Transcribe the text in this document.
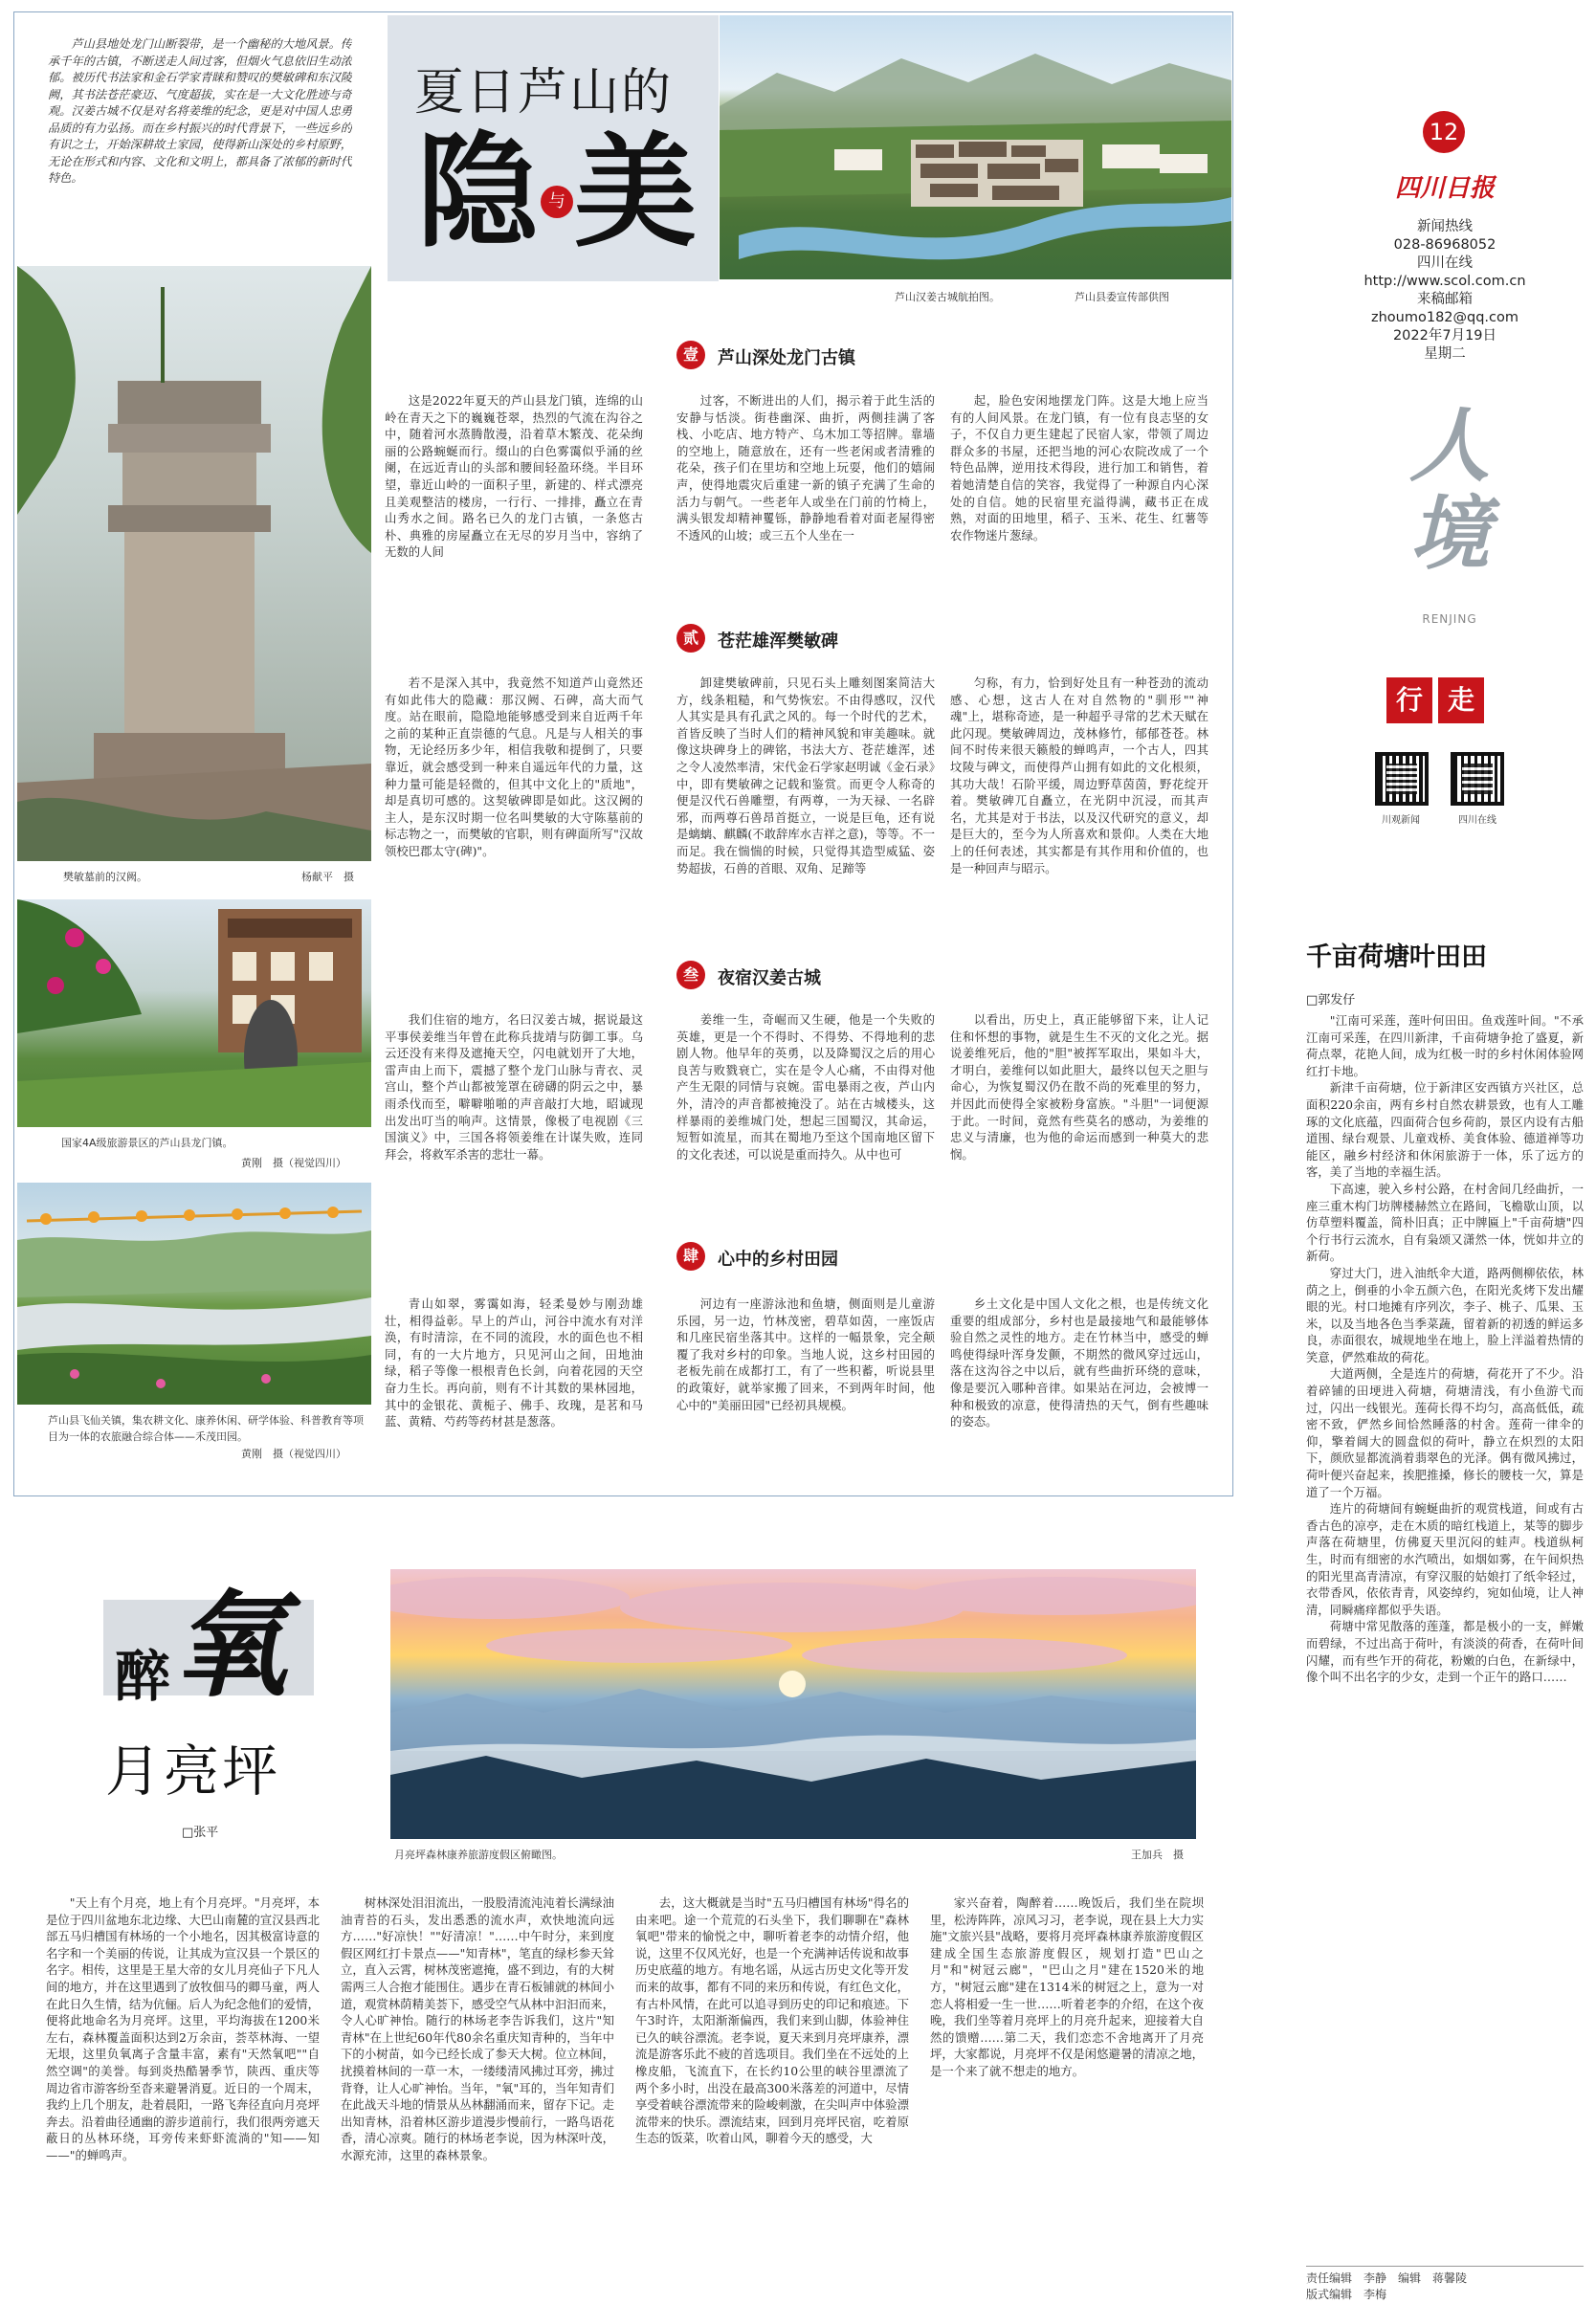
芦山县地处龙门山断裂带，是一个幽秘的大地风景。传承千年的古镇，不断送走人间过客，但烟火气息依旧生动浓郁。被历代书法家和金石学家青睐和赞叹的樊敏碑和东汉陵阙，其书法苍茫豪迈、气度超拔，实在是一大文化胜迹与奇观。汉姜古城不仅是对名将姜维的纪念，更是对中国人忠勇品质的有力弘扬。而在乡村振兴的时代背景下，一些远乡的有识之士，开始深耕故土家园，使得新山深处的乡村原野，无论在形式和内容、文化和文明上，都具备了浓郁的新时代特色。

夏日芦山的
隐 与 美
芦山汉姜古城航拍图。	芦山县委宣传部供图
樊敏墓前的汉阙。	杨献平　摄
国家4A级旅游景区的芦山县龙门镇。
黄刚　摄（视觉四川）
芦山县飞仙关镇，集农耕文化、康养休闲、研学体验、科普教育等项目为一体的农旅融合综合体——禾茂田园。
黄刚　摄（视觉四川）
壹	芦山深处龙门古镇

这是2022年夏天的芦山县龙门镇，连绵的山岭在青天之下的巍巍苍翠，热烈的气流在沟谷之中，随着河水蒸腾散漫，沿着草木繁茂、花朵绚丽的公路蜿蜒而行。缀山的白色雾霭似乎涌的丝阑，在远近青山的头部和腰间轻盈环绕。半目环望，靠近山岭的一面积子里，新建的、样式漂亮且美观整洁的楼房，一行行、一排排，矗立在青山秀水之间。路名已久的龙门古镇，一条悠古朴、典雅的房屋矗立在无尽的岁月当中，容纳了无数的人间

过客，不断进出的人们，揭示着于此生活的安静与恬淡。街巷幽深、曲折，两侧挂满了客栈、小吃店、地方特产、乌木加工等招牌。靠墙的空地上，随意放在，还有一些老闲或者清雅的花朵，孩子们在里坊和空地上玩耍，他们的嬉闹声，使得地震灾后重建一新的镇子充满了生命的活力与朝气。一些老年人或坐在门前的竹椅上，满头银发却精神矍铄，静静地看着对面老屋得密不透风的山坡；或三五个人坐在一

起，脸色安闲地摆龙门阵。这是大地上应当有的人间风景。在龙门镇，有一位有良志坚的女子，不仅自力更生建起了民宿人家，带领了周边群众多的书屋，还把当地的河心农院改成了一个特色品牌，逆用技术得段，进行加工和销售，着着她清楚自信的笑容，我觉得了一种源自内心深处的自信。她的民宿里充溢得满，藏书正在成熟，对面的田地里，稻子、玉米、花生、红薯等农作物迷片葱绿。

贰	苍茫雄浑樊敏碑

若不是深入其中，我竟然不知道芦山竟然还有如此伟大的隐藏：那汉阙、石碑，高大而气度。站在眼前，隐隐地能够感受到来自近两千年之前的某种正直崇德的气息。凡是与人相关的事物，无论经历多少年，相信我敬和提倒了，只要靠近，就会感受到一种来自遥远年代的力量，这种力量可能是轻微的，但其中文化上的"质地"，却是真切可感的。这契敏碑即是如此。这汉阙的主人，是东汉时期一位名叫樊敏的大守陈墓前的标志物之一，而樊敏的官职，则有碑面所写"汉故领校巴郡太守(碑)"。

卸建樊敏碑前，只见石头上雕刻图案简洁大方，线条粗糙，和气势恢宏。不由得感叹，汉代人其实是具有孔武之风的。每一个时代的艺术，首皆反映了当时人们的精神风貌和审美趣味。就像这块碑身上的碑铭，书法大方、苍茫雄浑，述之令人凌然率清，宋代金石学家赵明诚《金石录》中，即有樊敏碑之记载和鉴赏。而更令人称奇的便是汉代石兽雕塑，有两尊，一为天禄、一名辟邪，而两尊石兽昂首挺立，一说是巨龟，还有说是螭螭、麒麟(不敢辞库水吉祥之意)，等等。不一而足。我在惴惴的时候，只觉得其造型威猛、姿势超拔，石兽的首眼、双角、足蹄等

匀称，有力，恰到好处且有一种苍劲的流动感、心想，这古人在对自然物的"驯形""神魂"上，堪称奇迹，是一种超乎寻常的艺术天赋在此闪现。樊敏碑周边，茂林修竹，郁郁苍苍。林间不时传来很天籁般的蝉鸣声，一个古人，四其坟陵与碑文，而使得芦山拥有如此的文化根须，其功大哉！石阶平缓，周边野草茵茵，野花绽开着。樊敏碑兀自矗立，在光阴中沉浸，而其声名，尤其是对于书法，以及汉代研究的意义，却是巨大的，至今为人所喜欢和景仰。人类在大地上的任何表述，其实都是有其作用和价值的，也是一种回声与昭示。

叁	夜宿汉姜古城

我们住宿的地方，名曰汉姜古城，据说最这平事侯姜维当年曾在此称兵拢靖与防御工事。乌云还没有来得及遮掩天空，闪电就划开了大地，雷声由上而下，震撼了整个龙门山脉与青衣、灵宫山，整个芦山都被笼罩在磅礴的阴云之中，暴雨杀伐而至，噼噼啪啪的声音敲打大地，昭诚现出发出叮当的响声。这情景，像极了电视剧《三国演义》中，三国各将领姜维在计谋失败，连同拜会，将救军杀害的悲壮一幕。

姜维一生，奇崛而又生硬，他是一个失败的英雄，更是一个不得时、不得势、不得地利的悲剧人物。他早年的英勇，以及降蜀汉之后的用心良苦与败戮衰亡，实在是令人心痛，不由得对他产生无限的同情与哀婉。雷电暴雨之夜，芦山内外，清冷的声音都被掩没了。站在古城楼头，这样暴雨的姜维城门处，想起三国蜀汉，其命运，短暂如流星，而其在蜀地乃至这个国南地区留下的文化表述，可以说是重而持久。从中也可

以看出，历史上，真正能够留下来，让人记住和怀想的事物，就是生生不灭的文化之光。据说姜维死后，他的"胆"被挥军取出，果如斗大，才明白，姜维何以如此胆大，最终以包天之胆与命心，为恢复蜀汉仍在散不尚的死难里的努力，并因此而使得全家被粉身富族。"斗胆"一词便源于此。一时间，竟然有些莫名的感动，为姜维的忠义与清廉，也为他的命运而感到一种莫大的悲悯。

肆	心中的乡村田园

青山如翠，雾霭如海，轻柔曼妙与刚劲雄壮，相得益彰。早上的芦山，河谷中流水有对洋涣，有时清淙，在不同的流段，水的面色也不相同，有的一大片地方，只见河山之间，田地油绿，稻子等像一根根青色长剑，向着花园的天空奋力生长。再向前，则有不计其数的果林园地，其中的金银花、黄栀子、佛手、玫瑰，是茗和马蓝、黄精、芍药等药材甚是葱落。

河边有一座游泳池和鱼塘，侧面则是儿童游乐园，另一边，竹林茂密，碧草如茵，一座饭店和几座民宿坐落其中。这样的一幅景象，完全颠覆了我对乡村的印象。当地人说，这乡村田园的老板先前在成都打工，有了一些积蓄，听说县里的政策好，就举家搬了回来，不到两年时间，他心中的"美丽田园"已经初具规模。

乡土文化是中国人文化之根，也是传统文化重要的组成部分，乡村也是最接地气和最能够体验自然之灵性的地方。走在竹林当中，感受的蝉鸣使得绿叶浑身发颤，不期然的微风穿过远山，落在这沟谷之中以后，就有些曲折环绕的意味，像是要沉入哪种音律。如果站在河边，会被博一种和极致的凉意，使得清热的天气，倒有些趣味的姿态。

12
四川日报
新闻热线
028-86968052
四川在线
http://www.scol.com.cn
来稿邮箱
zhoumo182@qq.com
2022年7月19日
星期二
人境
RENJING
行 走
川观新闻	四川在线
千亩荷塘叶田田
□郭发仔

"江南可采莲，莲叶何田田。鱼戏莲叶间。"不承江南可采莲，在四川新津，千亩荷塘争抢了盛夏，新荷点翠，花艳人间，成为红极一时的乡村休闲体验网红打卡地。

新津千亩荷塘，位于新津区安西镇方兴社区，总面积220余亩，两有乡村自然农耕景致，也有人工雕琢的文化底蕴，四面荷合包乡荷韵，景区内设有古船道围、绿台观景、儿童戏桥、美食体验、德道禅等功能区，融乡村经济和休闲旅游于一体，乐了远方的客，美了当地的幸福生活。

下高速，驶入乡村公路，在村舍间几经曲折，一座三重木构门坊牌楼赫然立在路间，飞檐歇山顶，以仿草塑料覆盖，简朴旧真；正中牌匾上"千亩荷塘"四个行书行云流水，自有枭颂又潇然一体，恍如井立的新荷。

穿过大门，进入油纸伞大道，路两侧柳依依，林荫之上，倒垂的小伞五颜六色，在阳光炙烤下发出耀眼的光。村口地摊有序列次，李子、桃子、瓜果、玉米，以及当地各色当季菜蔬，留着新的初透的鲜运多良，赤面很农，城规地坐在地上，脸上洋溢着热情的笑意，俨然难故的荷花。

大道两侧，全是连片的荷塘，荷花开了不少。沿着碎铺的田埂进入荷塘，荷塘清浅，有小鱼游弋而过，闪出一线银光。莲荷长得不均匀，高高低低，疏密不致，俨然乡间恰然睡落的村舍。莲荷一律伞的仰，擎着阔大的圆盘似的荷叶，静立在炽烈的太阳下，颜欣显都流淌着翡翠色的光泽。偶有微风拂过，荷叶便兴奋起来，挨肥推搡，修长的腰枝一欠，算是道了一个万福。

连片的荷塘间有蜿蜒曲折的观赏栈道，间或有古香古色的凉亭，走在木质的暗红栈道上，某等的脚步声落在荷塘里，仿佛夏天里沉闷的蛙声。栈道纵柯生，时而有细密的水汽喷出，如烟如雾，在午间炽热的阳光里高青清凉，有穿汉服的姑娘打了纸伞轻过，衣带香风，依依青青，风姿绰约，宛如仙境，让人神清，同瞬痛痒都似乎失语。

荷塘中常见散落的莲蓬，都是极小的一支，鲜嫩而碧绿，不过出高于荷叶，有淡淡的荷香，在荷叶间闪耀，而有些乍开的荷花，粉嫩的白色，在新绿中，像个叫不出名字的少女，走到一个正午的路口……

醉 氧
月亮坪
□张平
月亮坪森林康养旅游度假区俯瞰图。	王加兵　摄

"天上有个月亮，地上有个月亮坪。"月亮坪，本是位于四川盆地东北边缘、大巴山南麓的宣汉县西北部五马归槽国有林场的一个小地名，因其极富诗意的名字和一个美丽的传说，让其成为宣汉县一个景区的名字。相传，这里是王星大帝的女儿月亮仙子下凡人间的地方，并在这里遇到了放牧佃马的卿马童，两人在此日久生情，结为伉俪。后人为纪念他们的爱情，便将此地命名为月亮坪。这里，平均海拔在1200米左右，森林覆盖面积达到2万余亩，荟萃林海、一望无垠，这里负氧离子含量丰富，素有"天然氧吧""自然空调"的美誉。每到炎热酷暑季节，陕西、重庆等周边省市游客纷至沓来避暑消夏。近日的一个周末，我约上几个朋友，赴着晨阳，一路飞奔径直向月亮坪奔去。沿着曲径通幽的游步道前行，我们很两旁遮天蔽日的丛林环绕，耳旁传来虾虾流淌的"知——知——"的蝉鸣声。

树林深处泪泪流出，一股股清流沌沌着长满绿油油青苔的石头，发出悉悉的流水声，欢快地流向远方……"好凉快！""好清凉！"……中午时分，来到度假区网红打卡景点——"知青林"，笔直的绿杉参天耸立，直入云霄，树林茂密遮掩，盛不到边，有的大树需两三人合抱才能围住。遇步在青石板铺就的林间小道，观赏林荫精美荟下，感受空气从林中汩汩而来，令人心旷神怡。随行的林场老李告诉我们，这片"知青林"在上世纪60年代80余名重庆知青种的，当年中下的小树苗，如今已经长成了参天大树。位立林间，扰摸着林间的一草一木，一缕缕清风拂过耳旁，拂过背脊，让人心旷神怡。当年，"氧"耳的，当年知青们在此战天斗地的情景从丛林翻涌而来，留存下记。走出知青林，沿着林区游步道漫步慢前行，一路鸟语花香，清心凉爽。随行的林场老李说，因为林深叶茂，水源充沛，这里的森林景象。

去，这大概就是当时"五马归槽国有林场"得名的由来吧。途一个荒荒的石头坐下，我们聊聊在"森林氧吧"带来的愉悦之中，聊听着老李的动情介绍，他说，这里不仅风光好，也是一个充满神话传说和故事历史底蕴的地方。有地名谣，从远古历史文化等开发而来的故事，都有不同的来历和传说，有红色文化，有古朴风情，在此可以追寻到历史的印记和痕迹。下午3时许，太阳渐渐偏西，我们来到山脚，体验神住已久的峡谷漂流。老李说，夏天来到月亮坪康养，漂流是游客乐此不疲的首选项目。我们坐在不远处的上橡皮船，飞流直下，在长约10公里的峡谷里漂流了两个多小时，出没在最高300米落差的河道中，尽情享受着峡谷漂流带来的险峻刺激，在尖叫声中体验漂流带来的快乐。漂流结束，回到月亮坪民宿，吃着原生态的饭菜，吹着山风，聊着今天的感受，大

家兴奋着，陶醉着……晚饭后，我们坐在院坝里，松涛阵阵，凉风习习，老李说，现在县上大力实施"文旅兴县"战略，要将月亮坪森林康养旅游度假区建成全国生态旅游度假区，规划打造"巴山之月"和"树冠云廊"，"巴山之月"建在1520米的地方，"树冠云廊"建在1314米的树冠之上，意为一对恋人将相爱一生一世……听着老李的介绍，在这个夜晚，我们坐等着月亮坪上的月亮升起来，迎接着大自然的馈赠……第二天，我们恋恋不舍地离开了月亮坪，大家都说，月亮坪不仅是闲悠避暑的清凉之地，是一个来了就不想走的地方。

责任编辑　李静　编辑　蒋馨陵
版式编辑　李梅
